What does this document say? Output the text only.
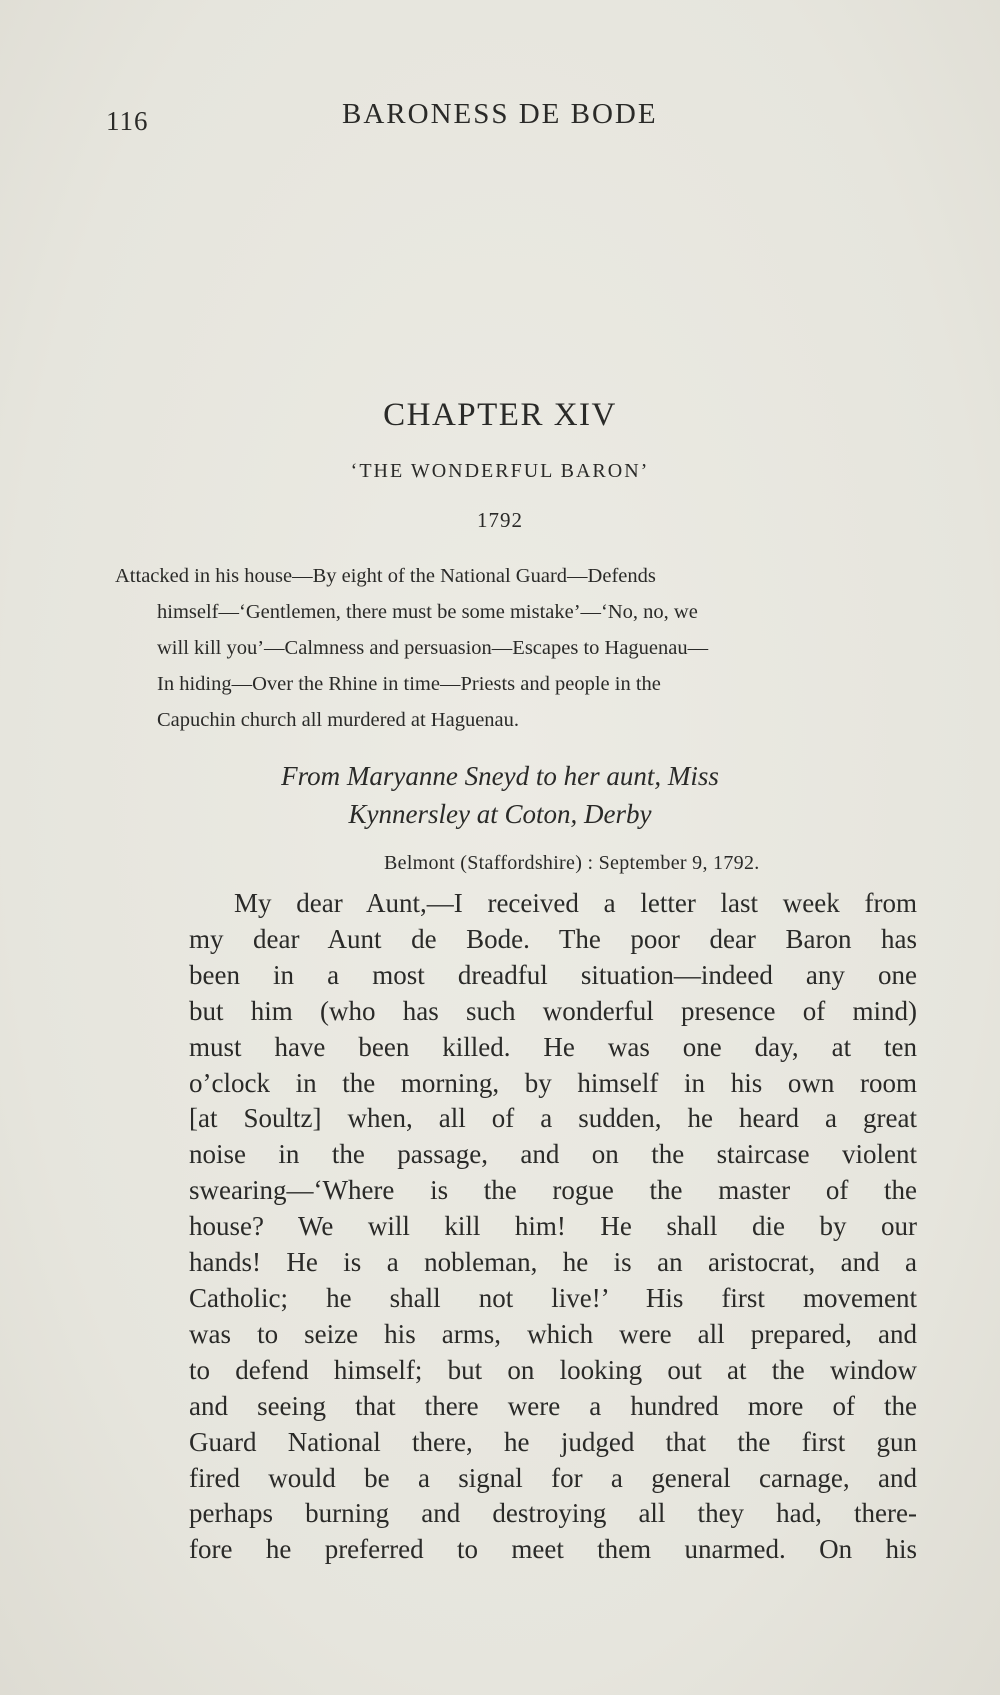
116	BARONESS DE BODE
CHAPTER XIV
‘THE WONDERFUL BARON’
1792
Attacked in his house—By eight of the National Guard—Defends
himself—‘Gentlemen, there must be some mistake’—‘No, no, we
will kill you’—Calmness and persuasion—Escapes to Haguenau—
In hiding—Over the Rhine in time—Priests and people in the
Capuchin church all murdered at Haguenau.
From Maryanne Sneyd to her aunt, Miss
Kynnersley at Coton, Derby
Belmont (Staffordshire) : September 9, 1792.
My dear Aunt,—I received a letter last week from
my dear Aunt de Bode. The poor dear Baron has
been in a most dreadful situation—indeed any one
but him (who has such wonderful presence of mind)
must have been killed. He was one day, at ten
o’clock in the morning, by himself in his own room
[at Soultz] when, all of a sudden, he heard a great
noise in the passage, and on the staircase violent
swearing—‘Where is the rogue the master of the
house? We will kill him! He shall die by our
hands! He is a nobleman, he is an aristocrat, and a
Catholic; he shall not live!’ His first movement
was to seize his arms, which were all prepared, and
to defend himself; but on looking out at the window
and seeing that there were a hundred more of the
Guard National there, he judged that the first gun
fired would be a signal for a general carnage, and
perhaps burning and destroying all they had, there-
fore he preferred to meet them unarmed. On his
